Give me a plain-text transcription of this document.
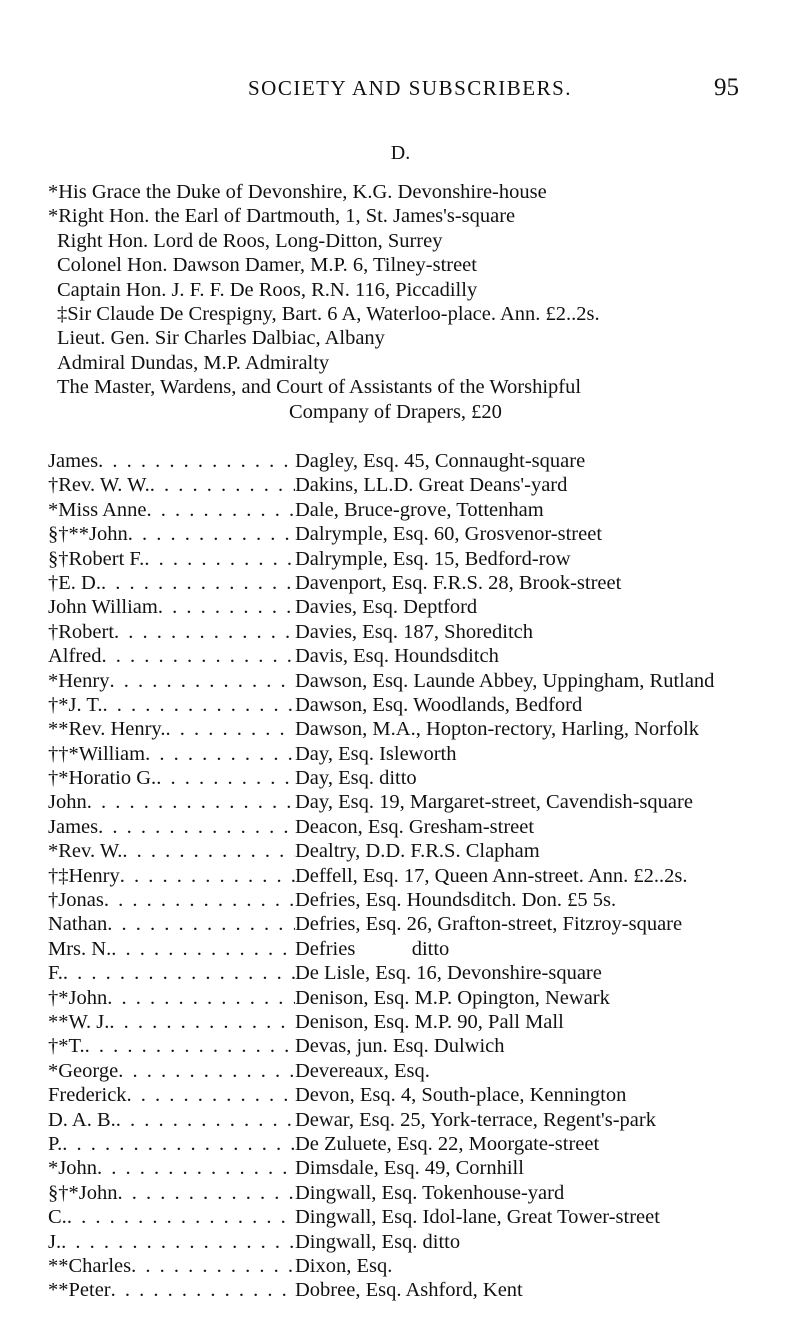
SOCIETY AND SUBSCRIBERS.	95
D.
*His Grace the Duke of Devonshire, K.G. Devonshire-house
*Right Hon. the Earl of Dartmouth, 1, St. James's-square
Right Hon. Lord de Roos, Long-Ditton, Surrey
Colonel Hon. Dawson Damer, M.P. 6, Tilney-street
Captain Hon. J. F. F. De Roos, R.N. 116, Piccadilly
‡Sir Claude De Crespigny, Bart. 6 A, Waterloo-place. Ann. £2..2s.
Lieut. Gen. Sir Charles Dalbiac, Albany
Admiral Dundas, M.P. Admiralty
The Master, Wardens, and Court of Assistants of the Worshipful
Company of Drapers, £20
James . . .	Dagley, Esq. 45, Connaught-square
†Rev. W. W. . . .	Dakins, LL.D. Great Deans'-yard
*Miss Anne . . .	Dale, Bruce-grove, Tottenham
§†**John . . .	Dalrymple, Esq. 60, Grosvenor-street
§†Robert F. . . .	Dalrymple, Esq. 15, Bedford-row
†E. D. . . .	Davenport, Esq. F.R.S. 28, Brook-street
John William . . .	Davies, Esq. Deptford
†Robert . . .	Davies, Esq. 187, Shoreditch
Alfred . . .	Davis, Esq. Houndsditch
*Henry . . .	Dawson, Esq. Launde Abbey, Uppingham, Rutland
†*J. T. . . .	Dawson, Esq. Woodlands, Bedford
**Rev. Henry. . . .	Dawson, M.A., Hopton-rectory, Harling, Norfolk
††*William . . .	Day, Esq. Isleworth
†*Horatio G. . . .	Day, Esq. ditto
John . . .	Day, Esq. 19, Margaret-street, Cavendish-square
James . . .	Deacon, Esq. Gresham-street
*Rev. W. . . .	Dealtry, D.D. F.R.S. Clapham
†‡Henry . . .	Deffell, Esq. 17, Queen Ann-street. Ann. £2..2s.
†Jonas . . .	Defries, Esq. Houndsditch. Don. £5 5s.
Nathan . . .	Defries, Esq. 26, Grafton-street, Fitzroy-square
Mrs. N. . . .	Defries           ditto
F. . . .	De Lisle, Esq. 16, Devonshire-square
†*John . . .	Denison, Esq. M.P. Opington, Newark
**W. J. . . .	Denison, Esq. M.P. 90, Pall Mall
†*T. . . .	Devas, jun. Esq. Dulwich
*George . . .	Devereaux, Esq.
Frederick . . .	Devon, Esq. 4, South-place, Kennington
D. A. B. . . .	Dewar, Esq. 25, York-terrace, Regent's-park
P. . . .	De Zuluete, Esq. 22, Moorgate-street
*John . . .	Dimsdale, Esq. 49, Cornhill
§†*John . . .	Dingwall, Esq. Tokenhouse-yard
C. . . .	Dingwall, Esq. Idol-lane, Great Tower-street
J. . . .	Dingwall, Esq. ditto
**Charles . . .	Dixon, Esq.
**Peter . . .	Dobree, Esq. Ashford, Kent
